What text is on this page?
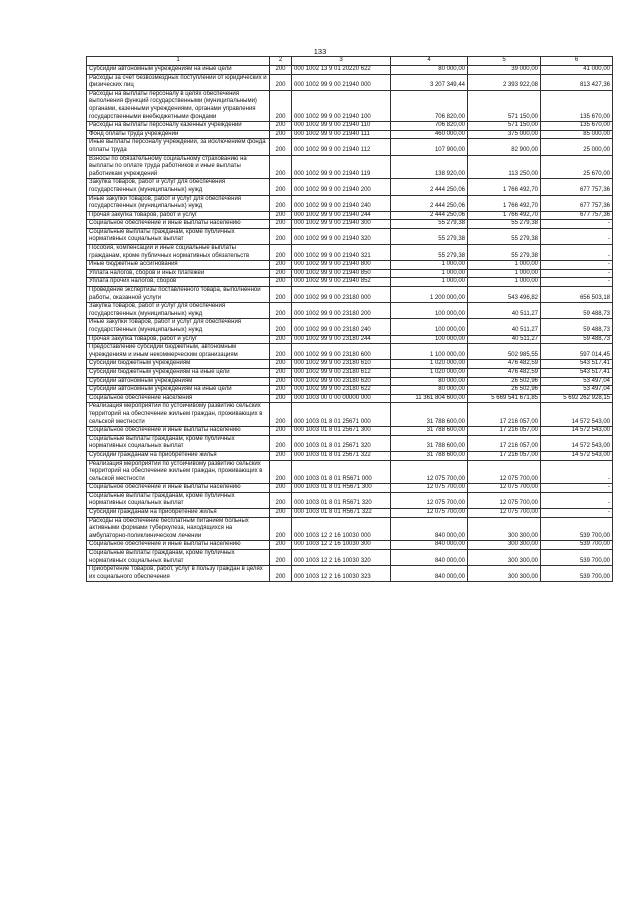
133
1	2	3	4	5	6
Субсидии автономным учреждениям на иные цели	200	000 1002 13 9 01 20220 622	80 000,00	39 000,00	41 000,00
Расходы за счет безвозмездных поступлений от юридических и физических лиц	200	000 1002 99 9 00 21940 000	3 207 349,44	2 393 922,08	813 427,36
Расходы на выплаты персоналу в целях обеспечения выполнения функций государственными (муниципальными) органами, казенными учреждениями, органами управления государственными внебюджетными фондами	200	000 1002 99 9 00 21940 100	706 820,00	571 150,00	135 670,00
Расходы на выплаты персоналу казенных учреждений	200	000 1002 99 9 00 21940 110	706 820,00	571 150,00	135 670,00
Фонд оплаты труда учреждений	200	000 1002 99 9 00 21940 111	460 000,00	375 000,00	85 000,00
Иные выплаты персоналу учреждений, за исключением фонда оплаты труда	200	000 1002 99 9 00 21940 112	107 900,00	82 900,00	25 000,00
Взносы по обязательному социальному страхованию на выплаты по оплате труда работников и иные выплаты работникам учреждений	200	000 1002 99 9 00 21940 119	138 920,00	113 250,00	25 670,00
Закупка товаров, работ и услуг для обеспечения государственных (муниципальных) нужд	200	000 1002 99 9 00 21940 200	2 444 250,06	1 766 492,70	677 757,36
Иные закупки товаров, работ и услуг для обеспечения государственных (муниципальных) нужд	200	000 1002 99 9 00 21940 240	2 444 250,06	1 766 492,70	677 757,36
Прочая закупка товаров, работ и услуг	200	000 1002 99 9 00 21940 244	2 444 250,06	1 766 492,70	677 757,36
Социальное обеспечение и иные выплаты населению	200	000 1002 99 9 00 21940 300	55 279,38	55 279,38	-
Социальные выплаты гражданам, кроме публичных нормативных социальных выплат	200	000 1002 99 9 00 21940 320	55 279,38	55 279,38	-
Пособия, компенсации и иные социальные выплаты гражданам, кроме публичных нормативных обязательств	200	000 1002 99 9 00 21940 321	55 279,38	55 279,38	-
Иные бюджетные ассигнования	200	000 1002 99 9 00 21940 800	1 000,00	1 000,00	-
Уплата налогов, сборов и иных платежей	200	000 1002 99 9 00 21940 850	1 000,00	1 000,00	-
Уплата прочих налогов, сборов	200	000 1002 99 9 00 21940 852	1 000,00	1 000,00	-
Проведение экспертизы поставленного товара, выполненной работы, оказанной услуги	200	000 1002 99 9 00 23180 000	1 200 000,00	543 496,82	656 503,18
Закупка товаров, работ и услуг для обеспечения государственных (муниципальных) нужд	200	000 1002 99 9 00 23180 200	100 000,00	40 511,27	59 488,73
Иные закупки товаров, работ и услуг для обеспечения государственных (муниципальных) нужд	200	000 1002 99 9 00 23180 240	100 000,00	40 511,27	59 488,73
Прочая закупка товаров, работ и услуг	200	000 1002 99 9 00 23180 244	100 000,00	40 511,27	59 488,73
Предоставление субсидий бюджетным, автономным учреждениям и иным некоммерческим организациям	200	000 1002 99 9 00 23180 600	1 100 000,00	502 985,55	597 014,45
Субсидии бюджетным учреждениям	200	000 1002 99 9 00 23180 610	1 020 000,00	476 482,59	543 517,41
Субсидии бюджетным учреждениям на иные цели	200	000 1002 99 9 00 23180 612	1 020 000,00	476 482,59	543 517,41
Субсидии автономным учреждениям	200	000 1002 99 9 00 23180 620	80 000,00	26 502,96	53 497,04
Субсидии автономным учреждениям на иные цели	200	000 1002 99 9 00 23180 622	80 000,00	26 502,96	53 497,04
Социальное обеспечение населения	200	000 1003 00 0 00 00000 000	11 361 804 600,00	5 669 541 671,85	5 692 262 928,15
Реализация мероприятий по устойчивому развитию сельских территорий на обеспечение жильем граждан, проживающих в сельской местности	200	000 1003 01 8 01 25671 000	31 788 600,00	17 216 057,00	14 572 543,00
Социальное обеспечение и иные выплаты населению	200	000 1003 01 8 01 25671 300	31 788 600,00	17 216 057,00	14 572 543,00
Социальные выплаты гражданам, кроме публичных нормативных социальных выплат	200	000 1003 01 8 01 25671 320	31 788 600,00	17 216 057,00	14 572 543,00
Субсидии гражданам на приобретение жилья	200	000 1003 01 8 01 25671 322	31 788 600,00	17 216 057,00	14 572 543,00
Реализация мероприятий по устойчивому развитию сельских территорий на обеспечение жильем граждан, проживающих в сельской местности	200	000 1003 01 8 01 R5671 000	12 075 700,00	12 075 700,00	-
Социальное обеспечение и иные выплаты населению	200	000 1003 01 8 01 R5671 300	12 075 700,00	12 075 700,00	-
Социальные выплаты гражданам, кроме публичных нормативных социальных выплат	200	000 1003 01 8 01 R5671 320	12 075 700,00	12 075 700,00	-
Субсидии гражданам на приобретение жилья	200	000 1003 01 8 01 R5671 322	12 075 700,00	12 075 700,00	-
Расходы на обеспечение бесплатным питанием больных активными формами туберкулеза, находящихся на амбулаторно-поликлиническом лечении	200	000 1003 12 2 16 10030 000	840 000,00	300 300,00	539 700,00
Социальное обеспечение и иные выплаты населению	200	000 1003 12 2 16 10030 300	840 000,00	300 300,00	539 700,00
Социальные выплаты гражданам, кроме публичных нормативных социальных выплат	200	000 1003 12 2 16 10030 320	840 000,00	300 300,00	539 700,00
Приобретение товаров, работ, услуг в пользу граждан в целях их социального обеспечения	200	000 1003 12 2 16 10030 323	840 000,00	300 300,00	539 700,00
